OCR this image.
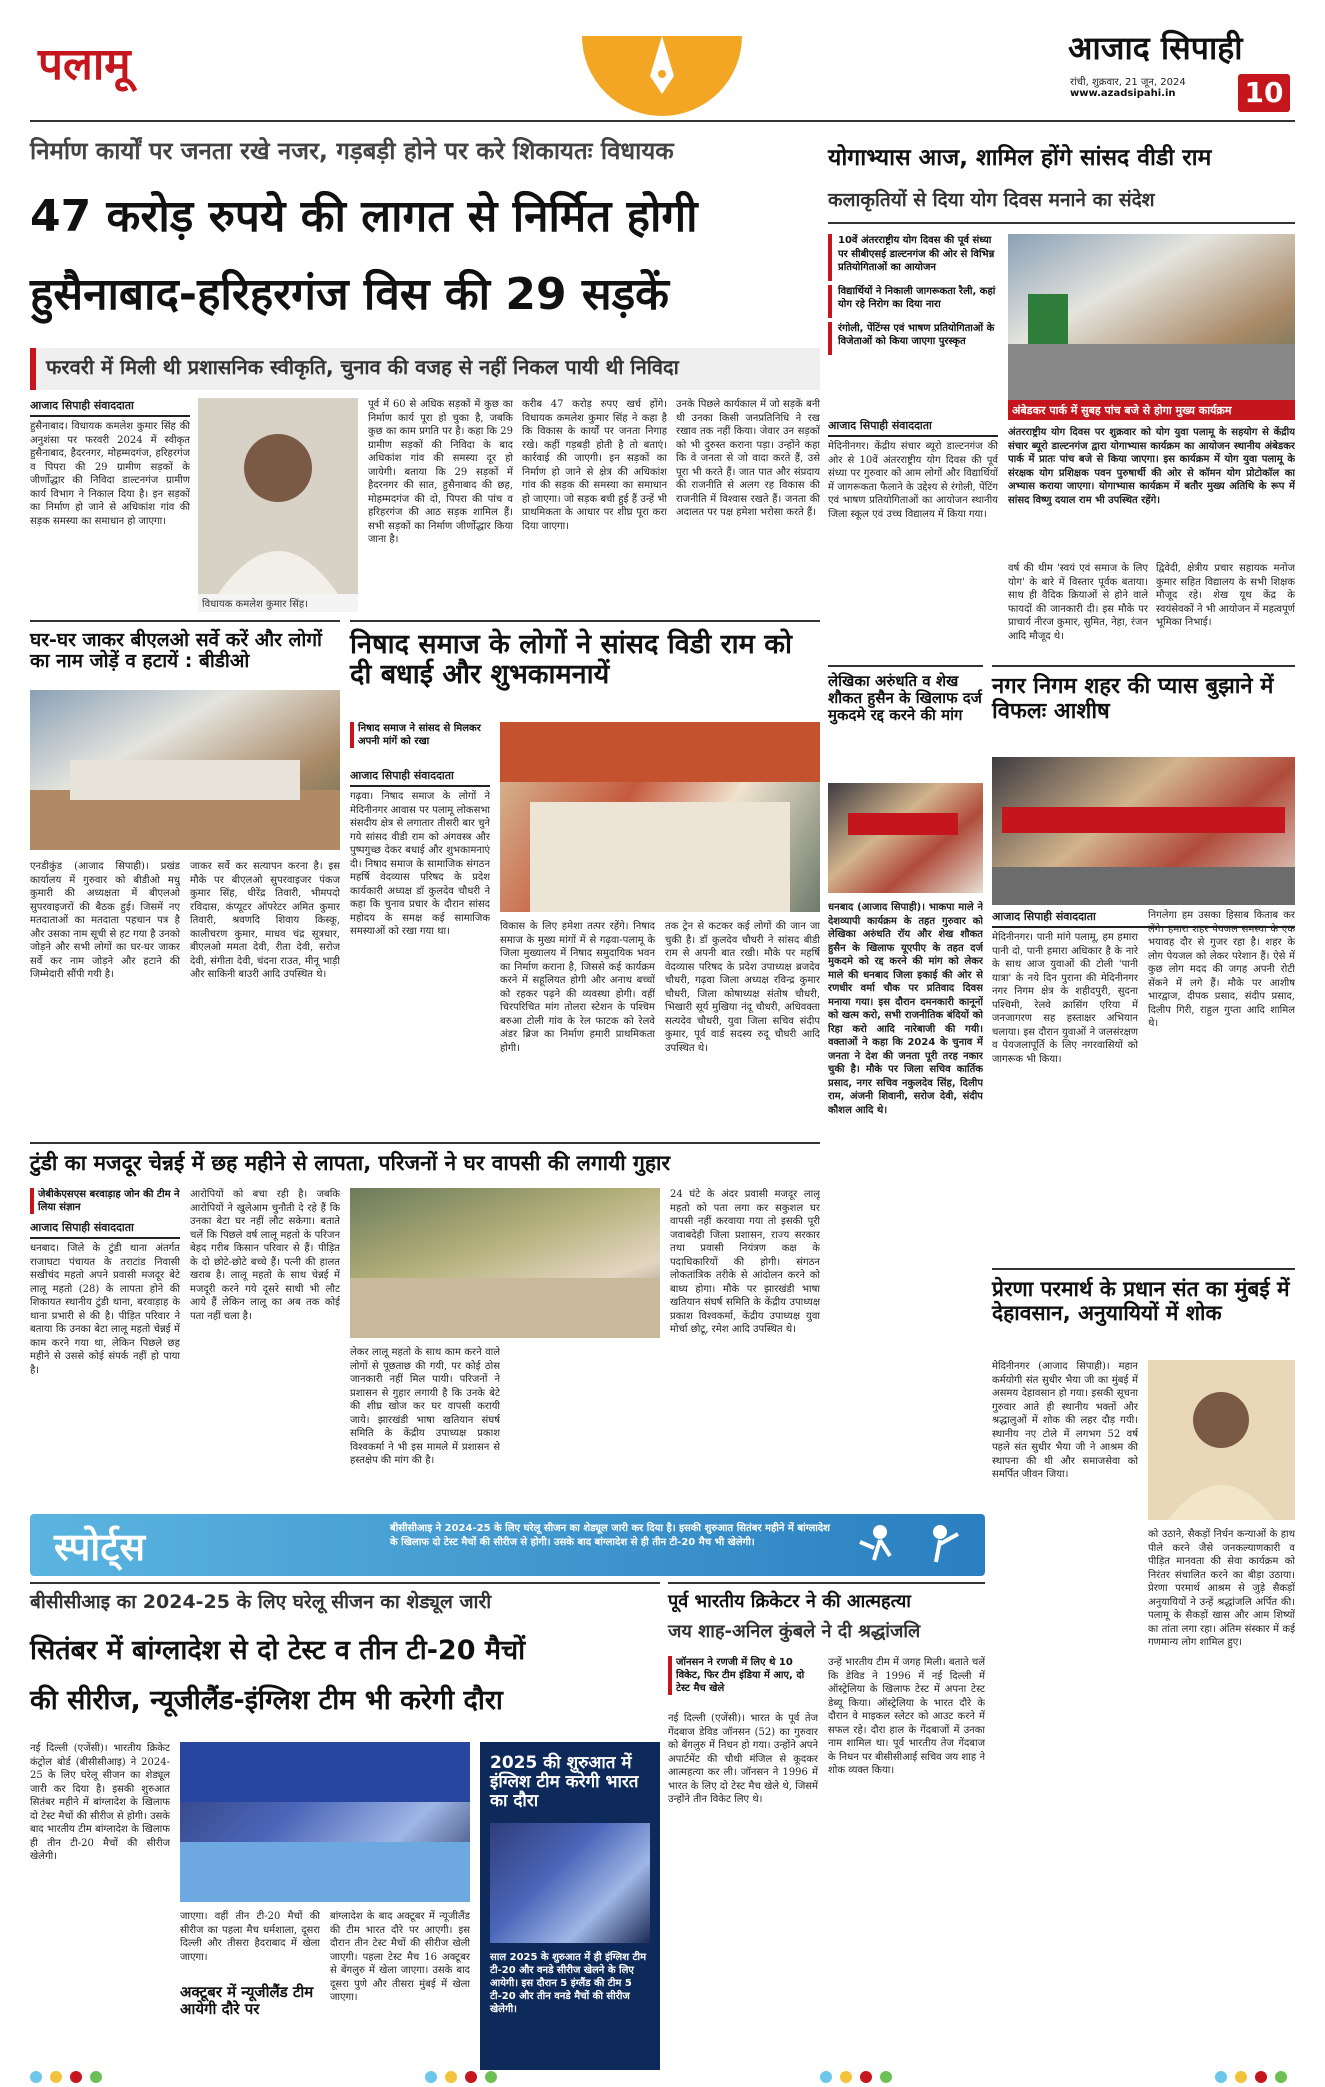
पलामू	आजाद सिपाही
रांची, शुक्रवार, 21 जून, 2024
www.azadsipahi.in 10
निर्माण कार्यों पर जनता रखे नजर, गड़बड़ी होने पर करे शिकायतः विधायक
47 करोड़ रुपये की लागत से निर्मित होगी
हुसैनाबाद-हरिहरगंज विस की 29 सड़कें
फरवरी में मिली थी प्रशासनिक स्वीकृति, चुनाव की वजह से नहीं निकल पायी थी निविदा
आजाद सिपाही संवाददाता
हुसैनाबाद। विधायक कमलेश कुमार सिंह की अनुशंसा पर फरवरी 2024 में स्वीकृत हुसैनाबाद, हैदरनगर, मोहम्मदगंज, हरिहरगंज व पिपरा की 29 ग्रामीण सड़कों के जीर्णोद्धार की निविदा डाल्टनगंज ग्रामीण कार्य विभाग ने निकाल दिया है। इन सड़कों का निर्माण हो जाने से अधिकांश गांव की सड़क समस्या का समाधान हो जाएगा।
विधायक कमलेश कुमार सिंह।
पूर्व में 60 से अधिक सड़कों में कुछ का निर्माण कार्य पूरा हो चुका है, जबकि कुछ का काम प्रगति पर है। कहा कि 29 ग्रामीण सड़कों की निविदा के बाद अधिकांश गांव की समस्या दूर हो जायेगी। बताया कि 29 सड़कों में हैदरनगर की सात, हुसैनाबाद की छह, मोहम्मदगंज की दो, पिपरा की पांच व हरिहरगंज की आठ सड़क शामिल हैं। सभी सड़कों का निर्माण जीर्णोद्धार किया जाना है।
करीब 47 करोड़ रुपए खर्च होंगे। विधायक कमलेश कुमार सिंह ने कहा है कि विकास के कार्यों पर जनता निगाह रखे। कहीं गड़बड़ी होती है तो बताएं। कार्रवाई की जाएगी। इन सड़कों का निर्माण हो जाने से क्षेत्र की अधिकांश गांव की सड़क की समस्या का समाधान हो जाएगा। जो सड़क बची हुई हैं उन्हें भी प्राथमिकता के आधार पर शीघ्र पूरा करा दिया जाएगा।
उनके पिछले कार्यकाल में जो सड़कें बनी थी उनका किसी जनप्रतिनिधि ने रख रखाव तक नहीं किया। जेवार उन सड़कों को भी दुरुस्त कराना पड़ा। उन्होंने कहा कि वे जनता से जो वादा करते हैं, उसे पूरा भी करते हैं। जात पात और संप्रदाय की राजनीति से अलग रह विकास की राजनीति में विश्वास रखते हैं। जनता की अदालत पर पक्ष हमेशा भरोसा करते हैं।
घर-घर जाकर बीएलओ सर्वे करें और लोगों का नाम जोड़ें व हटायें : बीडीओ
एनडीकुंड (आजाद सिपाही)। प्रखंड कार्यालय में गुरुवार को बीडीओ मधु कुमारी की अध्यक्षता में बीएलओ सुपरवाइजरों की बैठक हुई। जिसमें नए मतदाताओं का मतदाता पहचान पत्र है और उसका नाम सूची से हट गया है उनको जोड़ने और सभी लोगों का घर-घर जाकर सर्वे कर नाम जोड़ने और हटाने की जिम्मेदारी सौंपी गयी है।
जाकर सर्वे कर सत्यापन करना है। इस मौके पर बीएलओ सुपरवाइजर पंकज कुमार सिंह, धीरेंद्र तिवारी, भीमपदो रविदास, कंप्यूटर ऑपरेटर अमित कुमार तिवारी, श्रवणदि शिवाय किस्कू, कालीचरण कुमार, माधव चंद्र सूत्रधार, बीएलओ ममता देवी, रीता देवी, सरोज देवी, संगीता देवी, चंदना राउत, मीनू भाड़ी और साकिनी बाउरी आदि उपस्थित थे।
निषाद समाज के लोगों ने सांसद विडी राम को दी बधाई और शुभकामनायें
निषाद समाज ने सांसद से मिलकर अपनी मांगें को रखा
आजाद सिपाही संवाददाता
गढ़वा। निषाद समाज के लोगों ने मेदिनीनगर आवास पर पलामू लोकसभा संसदीय क्षेत्र से लगातार तीसरी बार चुने गये सांसद वीडी राम को अंगवस्त्र और पुष्पगुच्छ देकर बधाई और शुभकामनाएं दी। निषाद समाज के सामाजिक संगठन महर्षि वेदव्यास परिषद के प्रदेश कार्यकारी अध्यक्ष डॉ कुलदेव चौधरी ने कहा कि चुनाव प्रचार के दौरान सांसद महोदय के समक्ष कई सामाजिक समस्याओं को रखा गया था।	विकास के लिए हमेशा तत्पर रहेंगे। निषाद समाज के मुख्य मांगों में से गढ़वा-पलामू के जिला मुख्यालय में निषाद समुदायिक भवन का निर्माण कराना है, जिससे कई कार्यक्रम करने में सहूलियत होगी और अनाथ बच्चों को रहकर पढ़ने की व्यवस्था होगी। वहीं चिरपरिचित मांग तोलरा स्टेशन के पश्चिम बरुआ टोली गांव के रेल फाटक को रेलवे अंडर ब्रिज का निर्माण हमारी प्राथमिकता होगी।
तक ट्रेन से कटकर कई लोगों की जान जा चुकी है। डॉ कुलदेव चौधरी ने सांसद बीडी राम से अपनी बात रखी। मौके पर महर्षि वेदव्यास परिषद के प्रदेश उपाध्यक्ष ब्रजदेव चौधरी, गढ़वा जिला अध्यक्ष रविन्द्र कुमार चौधरी, जिला कोषाध्यक्ष संतोष चौधरी, भिखारी सूर्य मुखिया नंदू चौधरी, अधिवक्ता सत्यदेव चौधरी, युवा जिला सचिव संदीप कुमार, पूर्व वार्ड सदस्य रुदू चौधरी आदि उपस्थित थे।
टुंडी का मजदूर चेन्नई में छह महीने से लापता, परिजनों ने घर वापसी की लगायी गुहार
जेबीकेएसएस बरवाड़ाह जोन की टीम ने लिया संज्ञान
आजाद सिपाही संवाददाता
धनबाद। जिले के टुंडी थाना अंतर्गत राजाघटा पंचायत के तराटांड निवासी सखीचंद महतो अपने प्रवासी मजदूर बेटे लालू महतो (28) के लापता होने की शिकायत स्थानीय टुंडी थाना, बरवाड़ाह के थाना प्रभारी से की है। पीड़ित परिवार ने बताया कि उनका बेटा लालू महतो चेन्नई में काम करने गया था, लेकिन पिछले छह महीने से उससे कोई संपर्क नहीं हो पाया है।
आरोपियों को बचा रही है। जबकि आरोपियों ने खुलेआम चुनौती दे रहे हैं कि उनका बेटा घर नहीं लौट सकेगा। बताते चलें कि पिछले वर्ष लालू महतो के परिजन बेहद गरीब किसान परिवार से हैं। पीड़ित के दो छोटे-छोटे बच्चे हैं। पत्नी की हालत खराब है। लालू महतो के साथ चेन्नई में मजदूरी करने गये दूसरे साथी भी लौट आये हैं लेकिन लालू का अब तक कोई पता नहीं चला है।
लेकर लालू महतो के साथ काम करने वाले लोगों से पूछताछ की गयी, पर कोई ठोस जानकारी नहीं मिल पायी। परिजनों ने प्रशासन से गुहार लगायी है कि उनके बेटे की शीघ्र खोज कर घर वापसी करायी जाये। झारखंडी भाषा खतियान संघर्ष समिति के केंद्रीय उपाध्यक्ष प्रकाश विश्वकर्मा ने भी इस मामले में प्रशासन से हस्तक्षेप की मांग की है।
24 घंटे के अंदर प्रवासी मजदूर लालू महतो को पता लगा कर सकुशल घर वापसी नहीं करवाया गया तो इसकी पूरी जवाबदेही जिला प्रशासन, राज्य सरकार तथा प्रवासी नियंत्रण कक्ष के पदाधिकारियों की होगी। संगठन लोकतांत्रिक तरीके से आंदोलन करने को बाध्य होगा। मौके पर झारखंडी भाषा खतियान संघर्ष समिति के केंद्रीय उपाध्यक्ष प्रकाश विश्वकर्मा, केंद्रीय उपाध्यक्ष युवा मोर्चा छोटू, रमेश आदि उपस्थित थे।
योगाभ्यास आज, शामिल होंगे सांसद वीडी राम
कलाकृतियों से दिया योग दिवस मनाने का संदेश
10वें अंतरराष्ट्रीय योग दिवस की पूर्व संध्या पर सीबीएसई डाल्टनगंज की ओर से विभिन्न प्रतियोगिताओं का आयोजन
विद्यार्थियों ने निकाली जागरूकता रैली, कहां योग रहे निरोग का दिया नारा
रंगोली, पेंटिंग्स एवं भाषण प्रतियोगिताओं के विजेताओं को किया जाएगा पुरस्कृत
आजाद सिपाही संवाददाता
मेदिनीनगर। केंद्रीय संचार ब्यूरो डाल्टनगंज की ओर से 10वें अंतरराष्ट्रीय योग दिवस की पूर्व संध्या पर गुरुवार को आम लोगों और विद्यार्थियों में जागरूकता फैलाने के उद्देश्य से रंगोली, पेंटिंग एवं भाषण प्रतियोगिताओं का आयोजन स्थानीय जिला स्कूल एवं उच्च विद्यालय में किया गया।
अंबेडकर पार्क में सुबह पांच बजे से होगा मुख्य कार्यक्रम
अंतरराष्ट्रीय योग दिवस पर शुक्रवार को योग युवा पलामू के सहयोग से केंद्रीय संचार ब्यूरो डाल्टनगंज द्वारा योगाभ्यास कार्यक्रम का आयोजन स्थानीय अंबेडकर पार्क में प्रातः पांच बजे से किया जाएगा। इस कार्यक्रम में योग युवा पलामू के संरक्षक योग प्रशिक्षक पवन पुरुषार्थी की ओर से कॉमन योग प्रोटोकॉल का अभ्यास कराया जाएगा। योगाभ्यास कार्यक्रम में बतौर मुख्य अतिथि के रूप में सांसद विष्णु दयाल राम भी उपस्थित रहेंगे।
वर्ष की थीम 'स्वयं एवं समाज के लिए योग' के बारे में विस्तार पूर्वक बताया। साथ ही वैदिक क्रियाओं से होने वाले फायदों की जानकारी दी। इस मौके पर प्राचार्य नीरज कुमार, सुमित, नेहा, रंजन आदि मौजूद थे।
द्विवेदी, क्षेत्रीय प्रचार सहायक मनोज कुमार सहित विद्यालय के सभी शिक्षक मौजूद रहे। शेख यूथ केंद्र के स्वयंसेवकों ने भी आयोजन में महत्वपूर्ण भूमिका निभाई।
लेखिका अरुंधति व शेख शौकत हुसैन के खिलाफ दर्ज मुकदमे रद्द करने की मांग
धनबाद (आजाद सिपाही)। भाकपा माले ने देशव्यापी कार्यक्रम के तहत गुरुवार को लेखिका अरुंधति रॉय और शेख शौकत हुसैन के खिलाफ यूएपीए के तहत दर्ज मुकदमे को रद्द करने की मांग को लेकर माले की धनबाद जिला इकाई की ओर से रणधीर वर्मा चौक पर प्रतिवाद दिवस मनाया गया। इस दौरान दमनकारी कानूनों को खत्म करो, सभी राजनीतिक बंदियों को रिहा करो आदि नारेबाजी की गयी। वक्ताओं ने कहा कि 2024 के चुनाव में जनता ने देश की जनता पूरी तरह नकार चुकी है। मौके पर जिला सचिव कार्तिक प्रसाद, नगर सचिव नकुलदेव सिंह, दिलीप राम, अंजनी शिवानी, सरोज देवी, संदीप कौशल आदि थे।
नगर निगम शहर की प्यास बुझाने में विफलः आशीष
आजाद सिपाही संवाददाता
मेदिनीनगर। पानी मांगे पलामू, हम हमारा पानी दो, पानी हमारा अधिकार है के नारे के साथ आज युवाओं की टोली 'पानी यात्रा' के नये दिन पुराना की मेदिनीनगर नगर निगम क्षेत्र के शहीदपुरी, सुदना पश्चिमी, रेलवे क्रासिंग एरिया में जनजागरण सह हस्ताक्षर अभियान चलाया। इस दौरान युवाओं ने जलसंरक्षण व पेयजलापूर्ति के लिए नगरवासियों को जागरूक भी किया।
निगलेगा हम उसका हिसाब किताब कर लेंगे। हमारा शहर पेयजल समस्या के एक भयावह दौर से गुजर रहा है। शहर के लोग पेयजल को लेकर परेशान हैं। ऐसे में कुछ लोग मदद की जगह अपनी रोटी सेंकने में लगे हैं। मौके पर आशीष भारद्वाज, दीपक प्रसाद, संदीप प्रसाद, दिलीप गिरी, राहुल गुप्ता आदि शामिल थे।
प्रेरणा परमार्थ के प्रधान संत का मुंबई में देहावसान, अनुयायियों में शोक
मेदिनीनगर (आजाद सिपाही)। महान कर्मयोगी संत सुधीर भैया जी का मुंबई में असमय देहावसान हो गया। इसकी सूचना गुरुवार आते ही स्थानीय भक्तों और श्रद्धालुओं में शोक की लहर दौड़ गयी। स्थानीय नए टोले में लगभग 52 वर्ष पहले संत सुधीर भैया जी ने आश्रम की स्थापना की थी और समाजसेवा को समर्पित जीवन जिया।
को उठाने, सैकड़ों निर्धन कन्याओं के हाथ पीले करने जैसे जनकल्याणकारी व पीड़ित मानवता की सेवा कार्यक्रम को निरंतर संचालित करने का बीड़ा उठाया। प्रेरणा परमार्थ आश्रम से जुड़े सैकड़ों अनुयायियों ने उन्हें श्रद्धांजलि अर्पित की। पलामू के सैकड़ों खास और आम शिष्यों का तांता लगा रहा। अंतिम संस्कार में कई गणमान्य लोग शामिल हुए।
स्पोर्ट्स	बीसीसीआइ ने 2024-25 के लिए घरेलू सीजन का शेड्यूल जारी कर दिया है। इसकी शुरुआत सितंबर महीने में बांग्लादेश के खिलाफ दो टेस्ट मैचों की सीरीज से होगी। उसके बाद बांग्लादेश से ही तीन टी-20 मैच भी खेलेगी।
बीसीसीआइ का 2024-25 के लिए घरेलू सीजन का शेड्यूल जारी
सितंबर में बांग्लादेश से दो टेस्ट व तीन टी-20 मैचों
की सीरीज, न्यूजीलैंड-इंग्लिश टीम भी करेगी दौरा
नई दिल्ली (एजेंसी)। भारतीय क्रिकेट कंट्रोल बोर्ड (बीसीसीआइ) ने 2024-25 के लिए घरेलू सीजन का शेड्यूल जारी कर दिया है। इसकी शुरुआत सितंबर महीने में बांग्लादेश के खिलाफ दो टेस्ट मैचों की सीरीज से होगी। उसके बाद भारतीय टीम बांग्लादेश के खिलाफ ही तीन टी-20 मैचों की सीरीज खेलेगी।
जाएगा। वहीं तीन टी-20 मैचों की सीरीज का पहला मैच धर्मशाला, दूसरा दिल्ली और तीसरा हैदराबाद में खेला जाएगा।
अक्टूबर में न्यूजीलैंड टीम आयेगी दौरे पर
बांग्लादेश के बाद अक्टूबर में न्यूजीलैंड की टीम भारत दौरे पर आएगी। इस दौरान तीन टेस्ट मैचों की सीरीज खेली जाएगी। पहला टेस्ट मैच 16 अक्टूबर से बेंगलुरु में खेला जाएगा। उसके बाद दूसरा पुणे और तीसरा मुंबई में खेला जाएगा।
2025 की शुरुआत में इंग्लिश टीम करेगी भारत का दौरा
साल 2025 के शुरुआत में ही इंग्लिश टीम टी-20 और वनडे सीरीज खेलने के लिए आयेगी। इस दौरान 5 इंग्लैंड की टीम 5 टी-20 और तीन वनडे मैचों की सीरीज खेलेगी।
पूर्व भारतीय क्रिकेटर ने की आत्महत्या
जय शाह-अनिल कुंबले ने दी श्रद्धांजलि
जॉनसन ने रणजी में लिए थे 10 विकेट, फिर टीम इंडिया में आए, दो टेस्ट मैच खेले
नई दिल्ली (एजेंसी)। भारत के पूर्व तेज गेंदबाज डेविड जॉनसन (52) का गुरुवार को बेंगलुरु में निधन हो गया। उन्होंने अपने अपार्टमेंट की चौथी मंजिल से कूदकर आत्महत्या कर ली। जॉनसन ने 1996 में भारत के लिए दो टेस्ट मैच खेले थे, जिसमें उन्होंने तीन विकेट लिए थे।
उन्हें भारतीय टीम में जगह मिली। बताते चलें कि डेविड ने 1996 में नई दिल्ली में ऑस्ट्रेलिया के खिलाफ टेस्ट में अपना टेस्ट डेब्यू किया। ऑस्ट्रेलिया के भारत दौरे के दौरान वे माइकल स्लेटर को आउट करने में सफल रहे। दौरा हाल के गेंदबाजों में उनका नाम शामिल था। पूर्व भारतीय तेज गेंदबाज के निधन पर बीसीसीआई सचिव जय शाह ने शोक व्यक्त किया।
